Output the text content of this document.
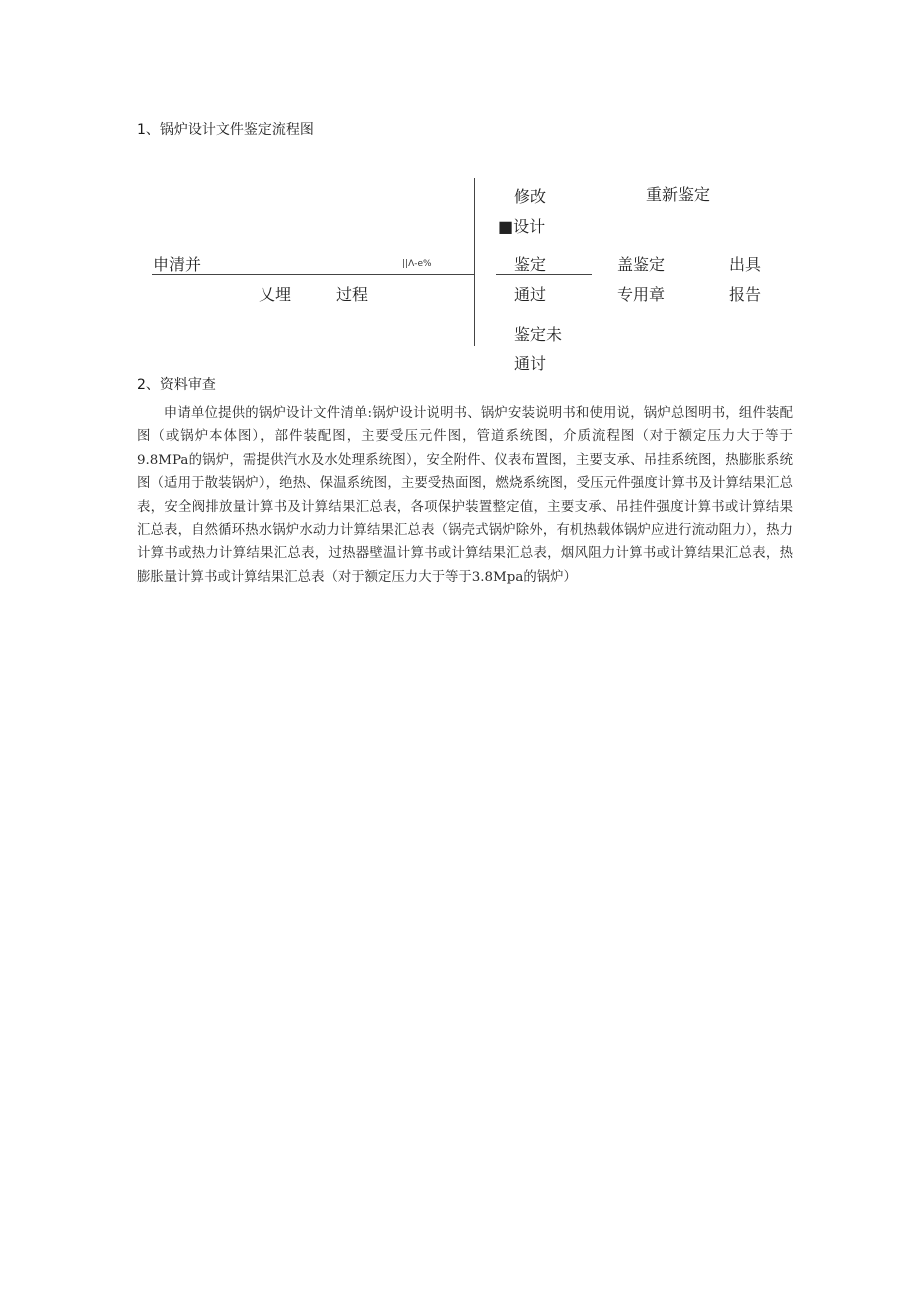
1、锅炉设计文件鉴定流程图
申清并
乂埋	过程
||Λ-e%
修改
■设计
鉴定
通过
鉴定未
通讨
重新鉴定
盖鉴定
专用章
出具
报告
2、资料审查

申请单位提供的锅炉设计文件清单:锅炉设计说明书、锅炉安装说明书和使用说，锅炉总图明书，组件装配图（或锅炉本体图），部件装配图，主要受压元件图，管道系统图，介质流程图（对于额定压力大于等于9.8MPa的锅炉，需提供汽水及水处理系统图），安全附件、仪表布置图，主要支承、吊挂系统图，热膨胀系统图（适用于散装锅炉），绝热、保温系统图，主要受热面图，燃烧系统图，受压元件强度计算书及计算结果汇总表，安全阀排放量计算书及计算结果汇总表，各项保护装置整定值，主要支承、吊挂件强度计算书或计算结果汇总表，自然循环热水锅炉水动力计算结果汇总表（锅壳式锅炉除外，有机热载体锅炉应进行流动阻力），热力计算书或热力计算结果汇总表，过热器壁温计算书或计算结果汇总表，烟风阻力计算书或计算结果汇总表，热膨胀量计算书或计算结果汇总表（对于额定压力大于等于3.8Mpa的锅炉）
